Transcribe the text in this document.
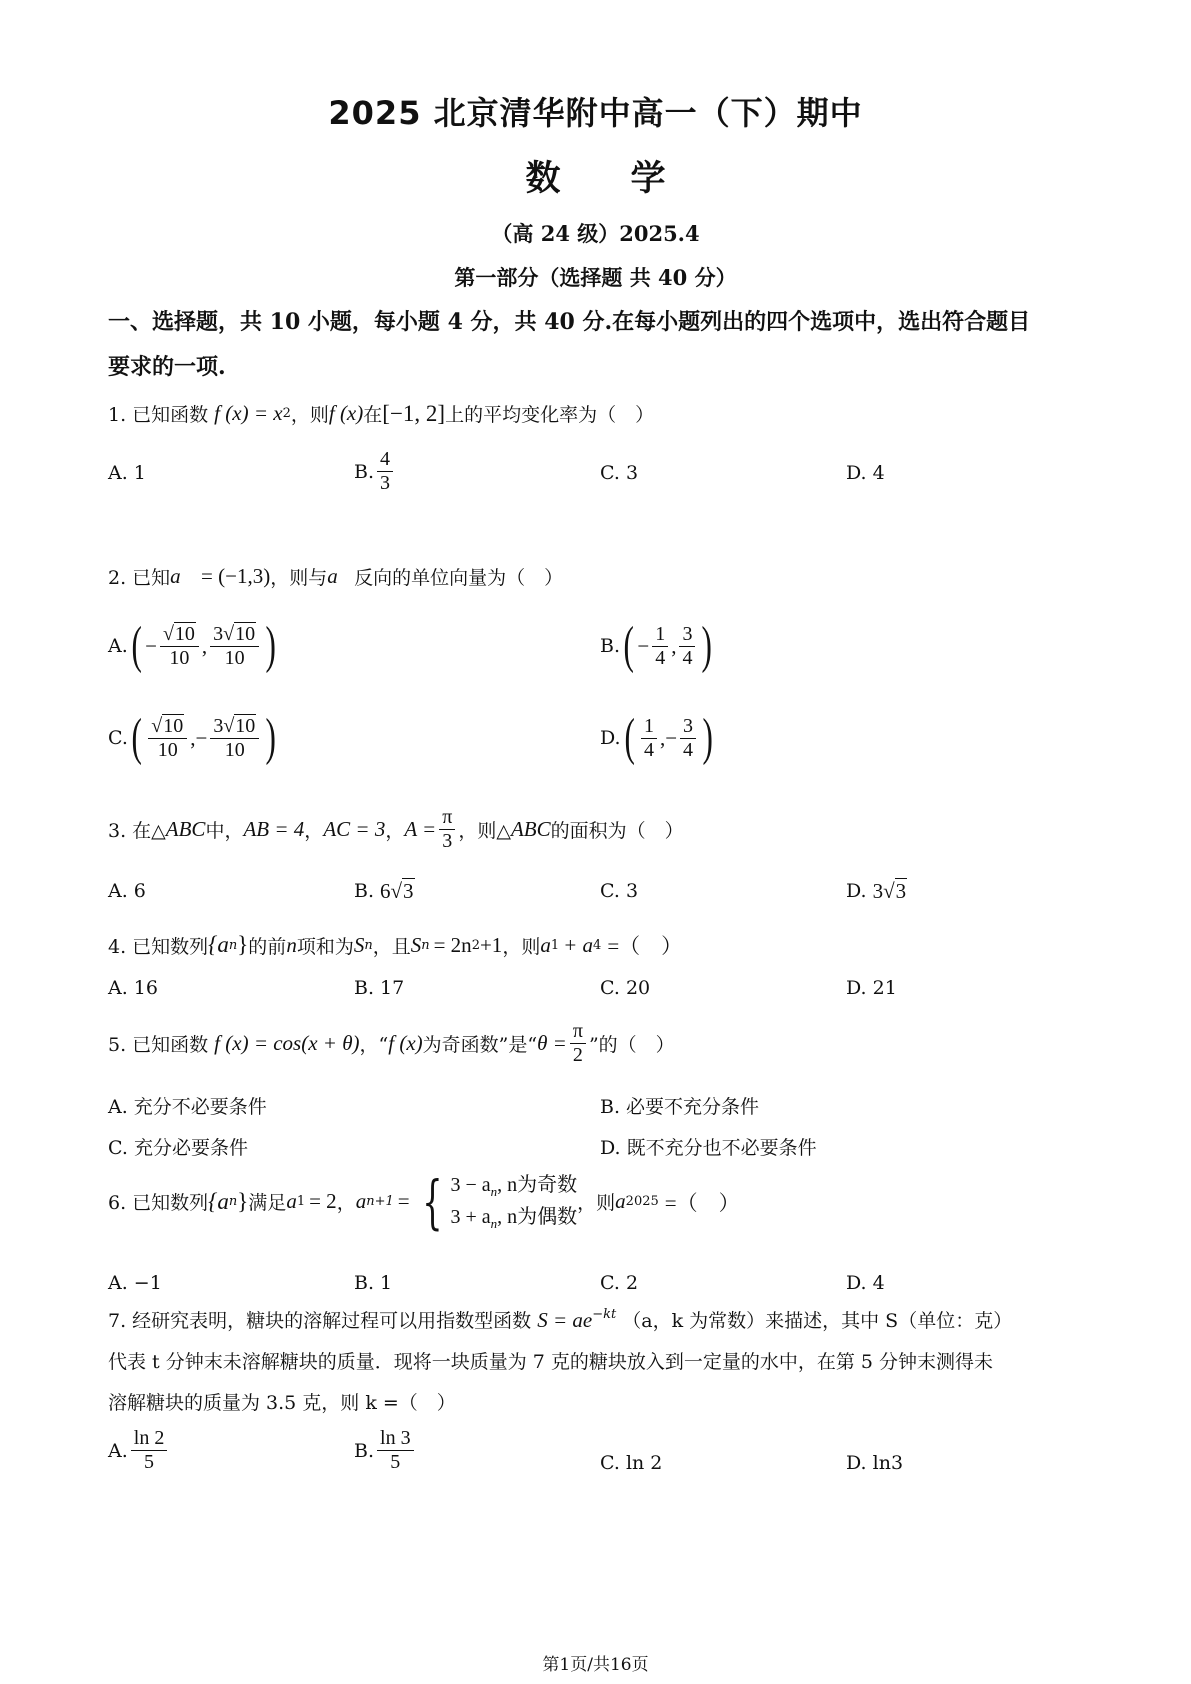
2025 北京清华附中高一（下）期中
数　　学
（高 24 级）2025.4
第一部分（选择题 共 40 分）
一、选择题，共 10 小题，每小题 4 分，共 40 分.在每小题列出的四个选项中，选出符合题目
要求的一项.
1. 已知函数 f (x) = x 2 ，则 f (x) 在 [−1, 2] 上的平均变化率为（　）
A. 1	B. $\frac{4}{3}$	C. 3	D. 4
2. 已知 a⃗ = (−1,3) ，则与 a⃗ 反向的单位向量为（　）
A. ( − $\frac{√ 10}{10}$ , $\frac{3√ 10}{10}$ )	B. ( − $\frac{1}{4}$ , $\frac{3}{4}$ )
C. ( $\frac{√ 10}{10}$ , − $\frac{3√ 10}{10}$ )	D. ( $\frac{1}{4}$ , − $\frac{3}{4}$ )
3. 在△ ABC 中， AB = 4 ， AC = 3 ， $A = \frac{\pi}{3}$ ，则△ ABC 的面积为（　）
A. 6	B. 6 √ 3	C. 3	D. 3 √ 3
4. 已知数列 {a n } 的前 n 项和为 S n ，且 S n = 2n 2 +1 ，则 a 1 + a 4 =（　）
A. 16	B. 17	C. 20	D. 21
5. 已知函数 f (x) = cos(x + θ) ，“ f (x) 为奇函数”是“ $\theta = \frac{\pi}{2}$ ”的（　）
A. 充分不必要条件	B. 必要不充分条件
C. 充分必要条件	D. 既不充分也不必要条件
6. 已知数列 {a n } 满足 a 1 = 2 ， a n+1 = { $3 - a_n$, n为奇数
$3 + a_n$, n为偶数
，则 a 2025 =（　）
A. −1	B. 1	C. 2	D. 4
7. 经研究表明，糖块的溶解过程可以用指数型函数 $S = ae^{-kt}$ （a，k 为常数）来描述，其中 S（单位：克）
代表 t 分钟末未溶解糖块的质量．现将一块质量为 7 克的糖块放入到一定量的水中，在第 5 分钟末测得未
溶解糖块的质量为 3.5 克，则 k =（　）
A. $\frac{\ln 2}{5}$	B. $\frac{\ln 3}{5}$	C. ln 2	D. ln3
第1页/共16页
